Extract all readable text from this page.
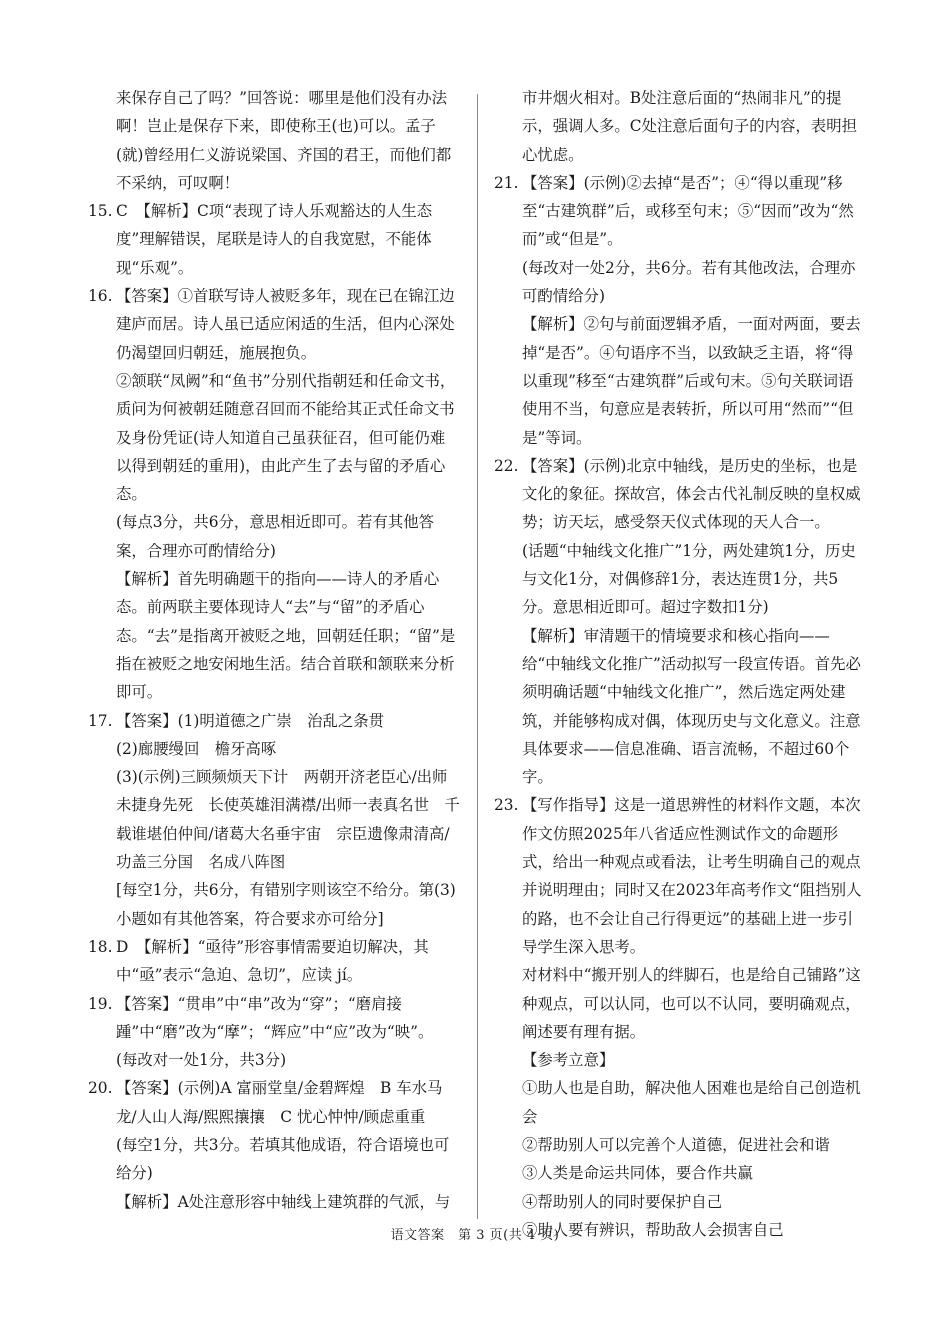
来保存自己了吗？”回答说：哪里是他们没有办法啊！岂止是保存下来，即使称王(也)可以。孟子(就)曾经用仁义游说梁国、齐国的君王，而他们都不采纳，可叹啊！

15. C　【解析】C项“表现了诗人乐观豁达的人生态度”理解错误，尾联是诗人的自我宽慰，不能体现“乐观”。

16. 【答案】①首联写诗人被贬多年，现在已在锦江边建庐而居。诗人虽已适应闲适的生活，但内心深处仍渴望回归朝廷，施展抱负。

②颔联“凤阙”和“鱼书”分别代指朝廷和任命文书，质问为何被朝廷随意召回而不能给其正式任命文书及身份凭证(诗人知道自己虽获征召，但可能仍难以得到朝廷的重用)，由此产生了去与留的矛盾心态。

(每点3分，共6分，意思相近即可。若有其他答案，合理亦可酌情给分)

【解析】首先明确题干的指向——诗人的矛盾心态。前两联主要体现诗人“去”与“留”的矛盾心态。“去”是指离开被贬之地，回朝廷任职；“留”是指在被贬之地安闲地生活。结合首联和颔联来分析即可。

17. 【答案】(1)明道德之广崇　治乱之条贯

(2)廊腰缦回　檐牙高啄

(3)(示例)三顾频烦天下计　两朝开济老臣心/出师未捷身先死　长使英雄泪满襟/出师一表真名世　千载谁堪伯仲间/诸葛大名垂宇宙　宗臣遗像肃清高/功盖三分国　名成八阵图

[每空1分，共6分，有错别字则该空不给分。第(3)小题如有其他答案，符合要求亦可给分]

18. D　【解析】“亟待”形容事情需要迫切解决，其中“亟”表示“急迫、急切”，应读 jí。

19. 【答案】“贯串”中“串”改为“穿”；“磨肩接踵”中“磨”改为“摩”；“辉应”中“应”改为“映”。

(每改对一处1分，共3分)

20. 【答案】(示例)A 富丽堂皇/金碧辉煌　B 车水马龙/人山人海/熙熙攘攘　C 忧心忡忡/顾虑重重

(每空1分，共3分。若填其他成语，符合语境也可给分)

【解析】A处注意形容中轴线上建筑群的气派，与

市井烟火相对。B处注意后面的“热闹非凡”的提示，强调人多。C处注意后面句子的内容，表明担心忧虑。

21. 【答案】(示例)②去掉“是否”；④“得以重现”移至“古建筑群”后，或移至句末；⑤“因而”改为“然而”或“但是”。

(每改对一处2分，共6分。若有其他改法，合理亦可酌情给分)

【解析】②句与前面逻辑矛盾，一面对两面，要去掉“是否”。④句语序不当，以致缺乏主语，将“得以重现”移至“古建筑群”后或句末。⑤句关联词语使用不当，句意应是表转折，所以可用“然而”“但是”等词。

22. 【答案】(示例)北京中轴线，是历史的坐标，也是文化的象征。探故宫，体会古代礼制反映的皇权威势；访天坛，感受祭天仪式体现的天人合一。

(话题“中轴线文化推广”1分，两处建筑1分，历史与文化1分，对偶修辞1分，表达连贯1分，共5分。意思相近即可。超过字数扣1分)

【解析】审清题干的情境要求和核心指向——给“中轴线文化推广”活动拟写一段宣传语。首先必须明确话题“中轴线文化推广”，然后选定两处建筑，并能够构成对偶，体现历史与文化意义。注意具体要求——信息准确、语言流畅，不超过60个字。

23. 【写作指导】这是一道思辨性的材料作文题，本次作文仿照2025年八省适应性测试作文的命题形式，给出一种观点或看法，让考生明确自己的观点并说明理由；同时又在2023年高考作文“阻挡别人的路，也不会让自己行得更远”的基础上进一步引导学生深入思考。

对材料中“搬开别人的绊脚石，也是给自己铺路”这种观点，可以认同，也可以不认同，要明确观点，阐述要有理有据。

【参考立意】

①助人也是自助，解决他人困难也是给自己创造机会

②帮助别人可以完善个人道德，促进社会和谐

③人类是命运共同体，要合作共赢

④帮助别人的同时要保护自己

⑤助人要有辨识，帮助敌人会损害自己

语文答案　第 3 页(共 4 页)
